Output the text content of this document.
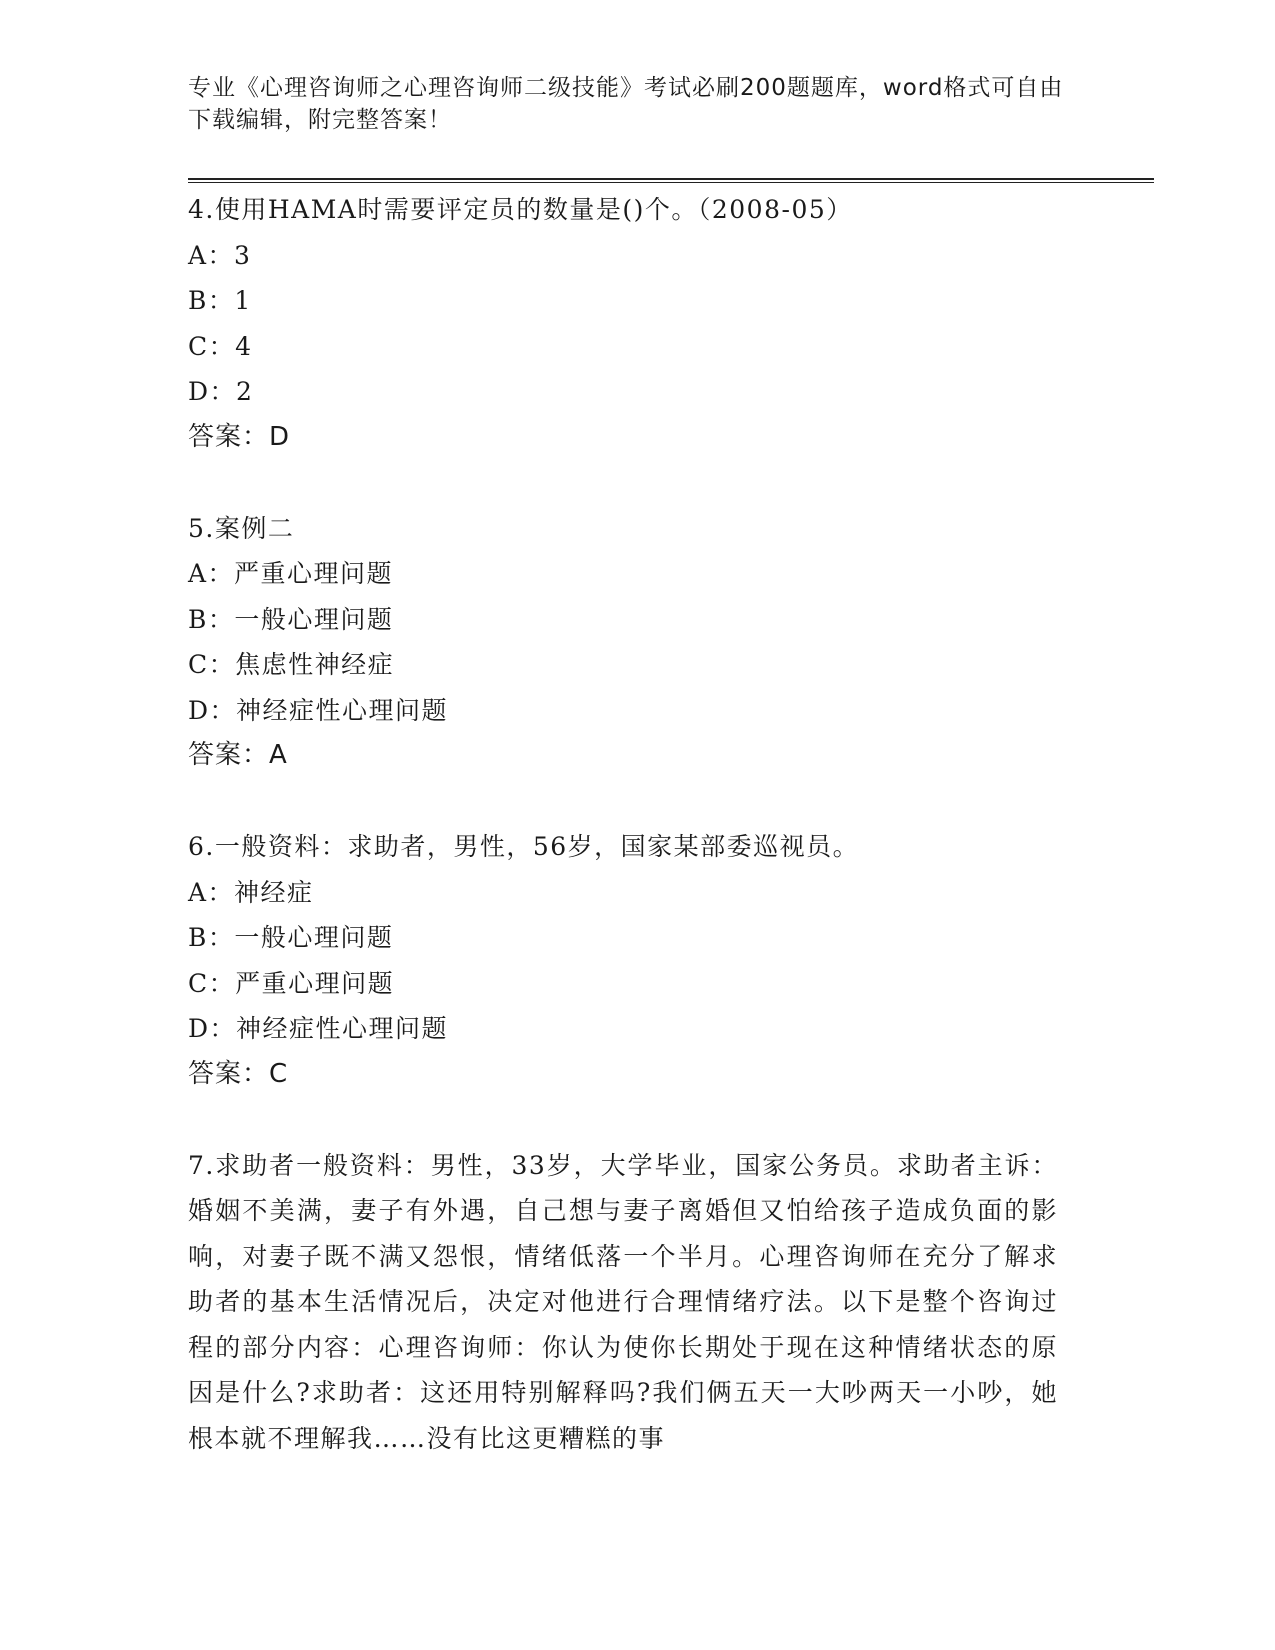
专业《心理咨询师之心理咨询师二级技能》考试必刷200题题库，word格式可自由下载编辑，附完整答案！
4.使用HAMA时需要评定员的数量是()个。（2008-05）
A：3
B：1
C：4
D：2
答案：D
5.案例二
A：严重心理问题
B：一般心理问题
C：焦虑性神经症
D：神经症性心理问题
答案：A
6.一般资料：求助者，男性，56岁，国家某部委巡视员。
A：神经症
B：一般心理问题
C：严重心理问题
D：神经症性心理问题
答案：C
7.求助者一般资料：男性，33岁，大学毕业，国家公务员。求助者主诉：婚姻不美满，妻子有外遇，自己想与妻子离婚但又怕给孩子造成负面的影响，对妻子既不满又怨恨，情绪低落一个半月。心理咨询师在充分了解求助者的基本生活情况后，决定对他进行合理情绪疗法。以下是整个咨询过程的部分内容：心理咨询师：你认为使你长期处于现在这种情绪状态的原因是什么?求助者：这还用特别解释吗?我们俩五天一大吵两天一小吵，她根本就不理解我……没有比这更糟糕的事
